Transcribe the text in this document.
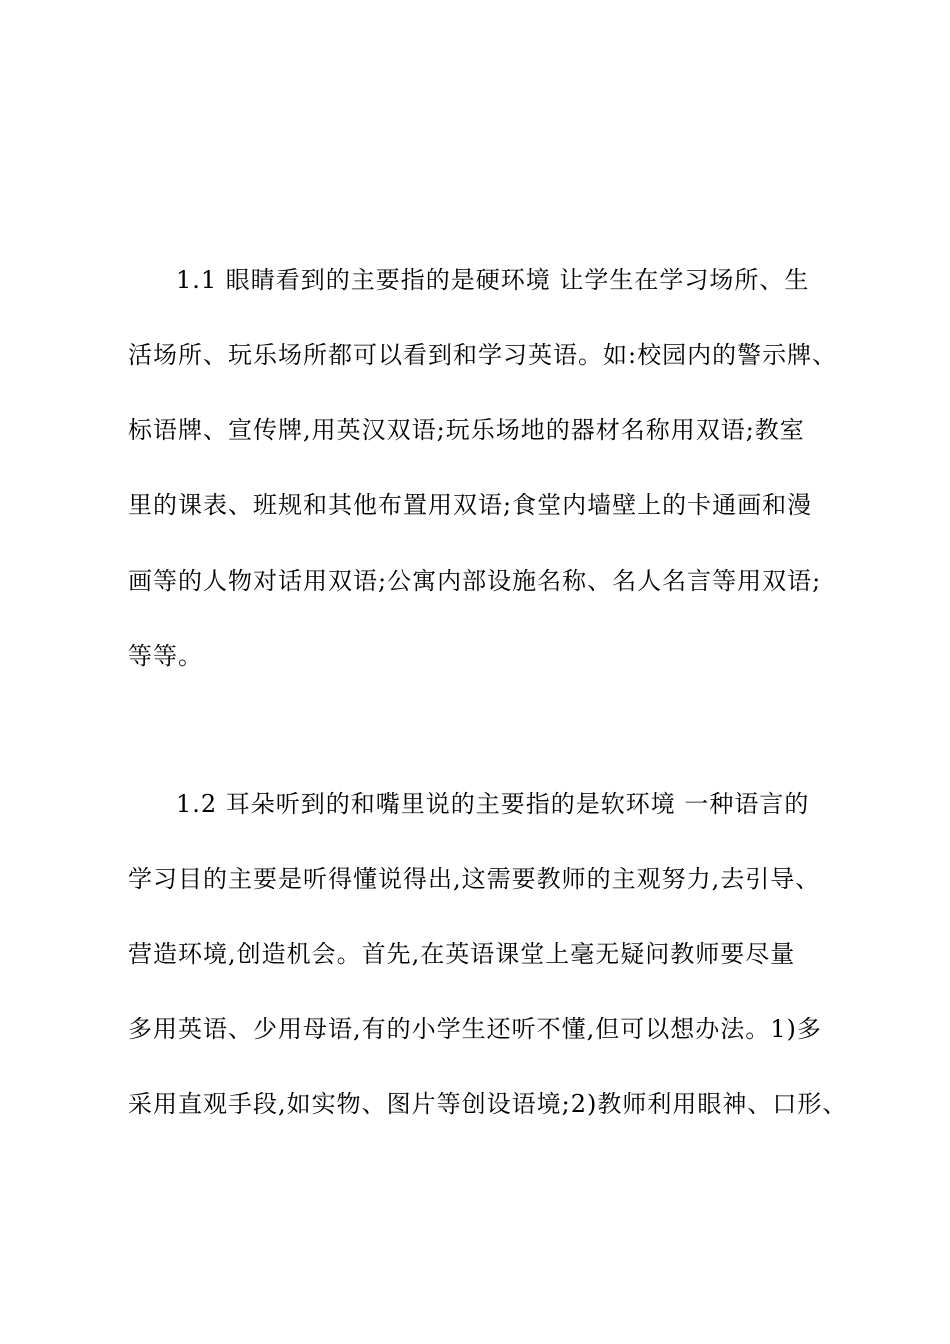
1.1 眼睛看到的主要指的是硬环境 让学生在学习场所、生
活场所、玩乐场所都可以看到和学习英语。如:校园内的警示牌、
标语牌、宣传牌,用英汉双语;玩乐场地的器材名称用双语;教室
里的课表、班规和其他布置用双语;食堂内墙壁上的卡通画和漫
画等的人物对话用双语;公寓内部设施名称、名人名言等用双语;
等等。
1.2 耳朵听到的和嘴里说的主要指的是软环境 一种语言的
学习目的主要是听得懂说得出,这需要教师的主观努力,去引导、
营造环境,创造机会。首先,在英语课堂上毫无疑问教师要尽量
多用英语、少用母语,有的小学生还听不懂,但可以想办法。1)多
采用直观手段,如实物、图片等创设语境;2)教师利用眼神、口形、
